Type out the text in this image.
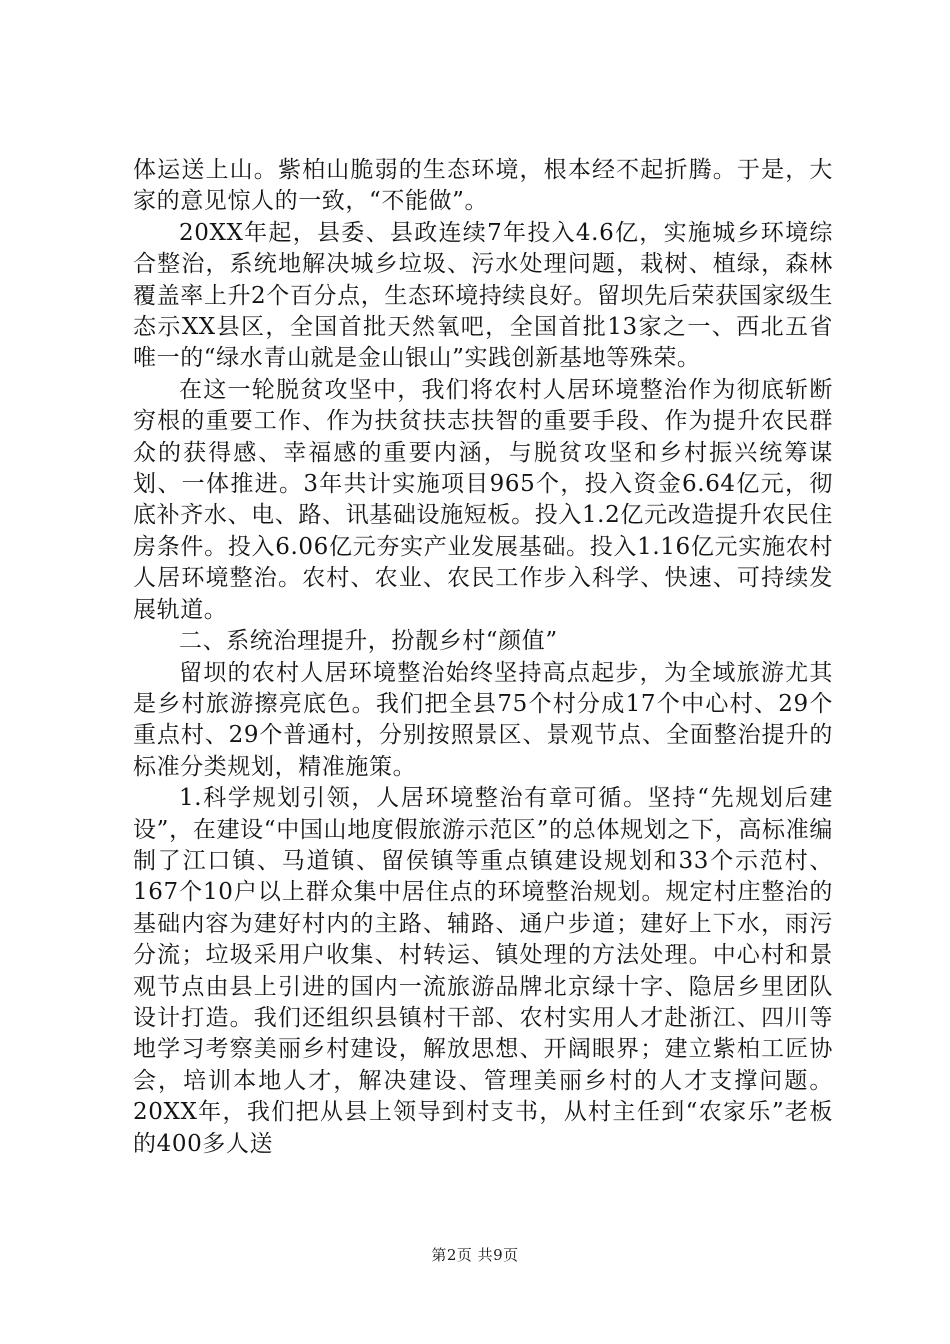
体运送上山。紫柏山脆弱的生态环境，根本经不起折腾。于是，大家的意见惊人的一致，“不能做”。

20XX年起，县委、县政连续7年投入4.6亿，实施城乡环境综合整治，系统地解决城乡垃圾、污水处理问题，栽树、植绿，森林覆盖率上升2个百分点，生态环境持续良好。留坝先后荣获国家级生态示XX县区，全国首批天然氧吧，全国首批13家之一、西北五省唯一的“绿水青山就是金山银山”实践创新基地等殊荣。

在这一轮脱贫攻坚中，我们将农村人居环境整治作为彻底斩断穷根的重要工作、作为扶贫扶志扶智的重要手段、作为提升农民群众的获得感、幸福感的重要内涵，与脱贫攻坚和乡村振兴统筹谋划、一体推进。3年共计实施项目965个，投入资金6.64亿元，彻底补齐水、电、路、讯基础设施短板。投入1.2亿元改造提升农民住房条件。投入6.06亿元夯实产业发展基础。投入1.16亿元实施农村人居环境整治。农村、农业、农民工作步入科学、快速、可持续发展轨道。

二、系统治理提升，扮靓乡村“颜值”

留坝的农村人居环境整治始终坚持高点起步，为全域旅游尤其是乡村旅游擦亮底色。我们把全县75个村分成17个中心村、29个重点村、29个普通村，分别按照景区、景观节点、全面整治提升的标准分类规划，精准施策。

1.科学规划引领，人居环境整治有章可循。坚持“先规划后建设”，在建设“中国山地度假旅游示范区”的总体规划之下，高标准编制了江口镇、马道镇、留侯镇等重点镇建设规划和33个示范村、167个10户以上群众集中居住点的环境整治规划。规定村庄整治的基础内容为建好村内的主路、辅路、通户步道；建好上下水，雨污分流；垃圾采用户收集、村转运、镇处理的方法处理。中心村和景观节点由县上引进的国内一流旅游品牌北京绿十字、隐居乡里团队设计打造。我们还组织县镇村干部、农村实用人才赴浙江、四川等地学习考察美丽乡村建设，解放思想、开阔眼界；建立紫柏工匠协会，培训本地人才，解决建设、管理美丽乡村的人才支撑问题。20XX年，我们把从县上领导到村支书，从村主任到“农家乐”老板的400多人送

第2页 共9页
